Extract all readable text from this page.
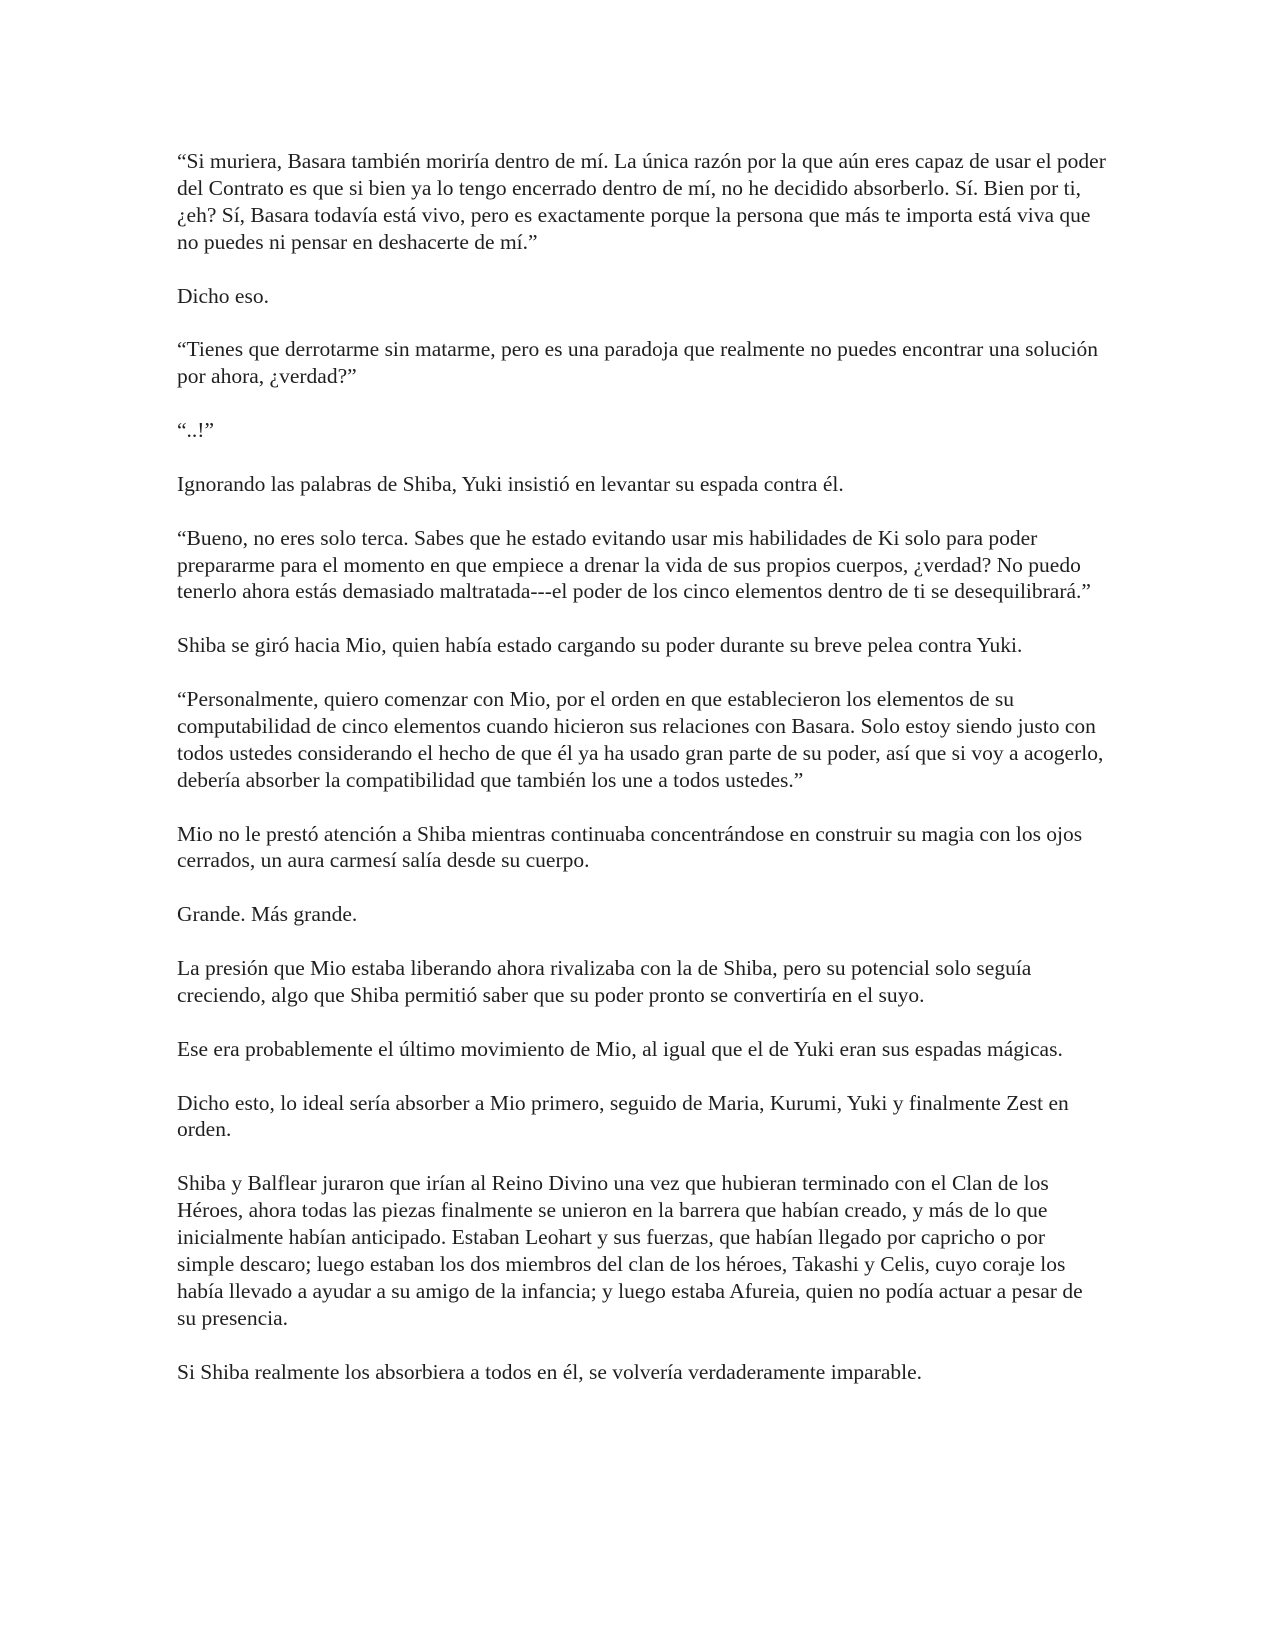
“Si muriera, Basara también moriría dentro de mí. La única razón por la que aún eres capaz de usar el poder del Contrato es que si bien ya lo tengo encerrado dentro de mí, no he decidido absorberlo. Sí. Bien por ti, ¿eh? Sí, Basara todavía está vivo, pero es exactamente porque la persona que más te importa está viva que no puedes ni pensar en deshacerte de mí.”

Dicho eso.

“Tienes que derrotarme sin matarme, pero es una paradoja que realmente no puedes encontrar una solución por ahora, ¿verdad?”

“..!”

Ignorando las palabras de Shiba, Yuki insistió en levantar su espada contra él.

“Bueno, no eres solo terca. Sabes que he estado evitando usar mis habilidades de Ki solo para poder prepararme para el momento en que empiece a drenar la vida de sus propios cuerpos, ¿verdad? No puedo tenerlo ahora estás demasiado maltratada---el poder de los cinco elementos dentro de ti se desequilibrará.”

Shiba se giró hacia Mio, quien había estado cargando su poder durante su breve pelea contra Yuki.

“Personalmente, quiero comenzar con Mio, por el orden en que establecieron los elementos de su computabilidad de cinco elementos cuando hicieron sus relaciones con Basara. Solo estoy siendo justo con todos ustedes considerando el hecho de que él ya ha usado gran parte de su poder, así que si voy a acogerlo, debería absorber la compatibilidad que también los une a todos ustedes.”

Mio no le prestó atención a Shiba mientras continuaba concentrándose en construir su magia con los ojos cerrados, un aura carmesí salía desde su cuerpo.

Grande. Más grande.

La presión que Mio estaba liberando ahora rivalizaba con la de Shiba, pero su potencial solo seguía creciendo, algo que Shiba permitió saber que su poder pronto se convertiría en el suyo.

Ese era probablemente el último movimiento de Mio, al igual que el de Yuki eran sus espadas mágicas.

Dicho esto, lo ideal sería absorber a Mio primero, seguido de Maria, Kurumi, Yuki y finalmente Zest en orden.

Shiba y Balflear juraron que irían al Reino Divino una vez que hubieran terminado con el Clan de los Héroes, ahora todas las piezas finalmente se unieron en la barrera que habían creado, y más de lo que inicialmente habían anticipado. Estaban Leohart y sus fuerzas, que habían llegado por capricho o por simple descaro; luego estaban los dos miembros del clan de los héroes, Takashi y Celis, cuyo coraje los había llevado a ayudar a su amigo de la infancia; y luego estaba Afureia, quien no podía actuar a pesar de su presencia.

Si Shiba realmente los absorbiera a todos en él, se volvería verdaderamente imparable.
